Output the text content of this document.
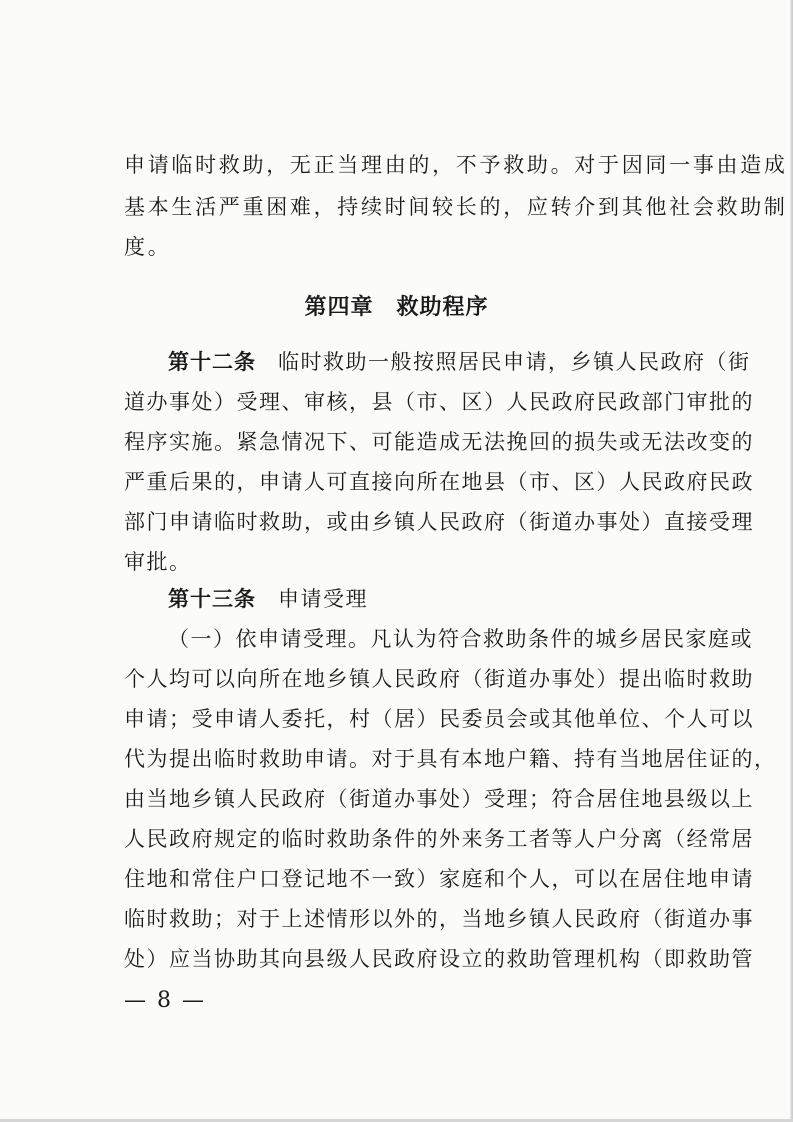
申请临时救助，无正当理由的，不予救助。对于因同一事由造成
基本生活严重困难，持续时间较长的，应转介到其他社会救助制
度。
第四章　救助程序
第十二条 临时救助一般按照居民申请，乡镇人民政府（街
道办事处）受理、审核，县（市、区）人民政府民政部门审批的
程序实施。紧急情况下、可能造成无法挽回的损失或无法改变的
严重后果的，申请人可直接向所在地县（市、区）人民政府民政
部门申请临时救助，或由乡镇人民政府（街道办事处）直接受理
审批。
第十三条 申请受理
（一）依申请受理。凡认为符合救助条件的城乡居民家庭或
个人均可以向所在地乡镇人民政府（街道办事处）提出临时救助
申请；受申请人委托，村（居）民委员会或其他单位、个人可以
代为提出临时救助申请。对于具有本地户籍、持有当地居住证的，
由当地乡镇人民政府（街道办事处）受理；符合居住地县级以上
人民政府规定的临时救助条件的外来务工者等人户分离（经常居
住地和常住户口登记地不一致）家庭和个人，可以在居住地申请
临时救助；对于上述情形以外的，当地乡镇人民政府（街道办事
处）应当协助其向县级人民政府设立的救助管理机构（即救助管
— 8 —
